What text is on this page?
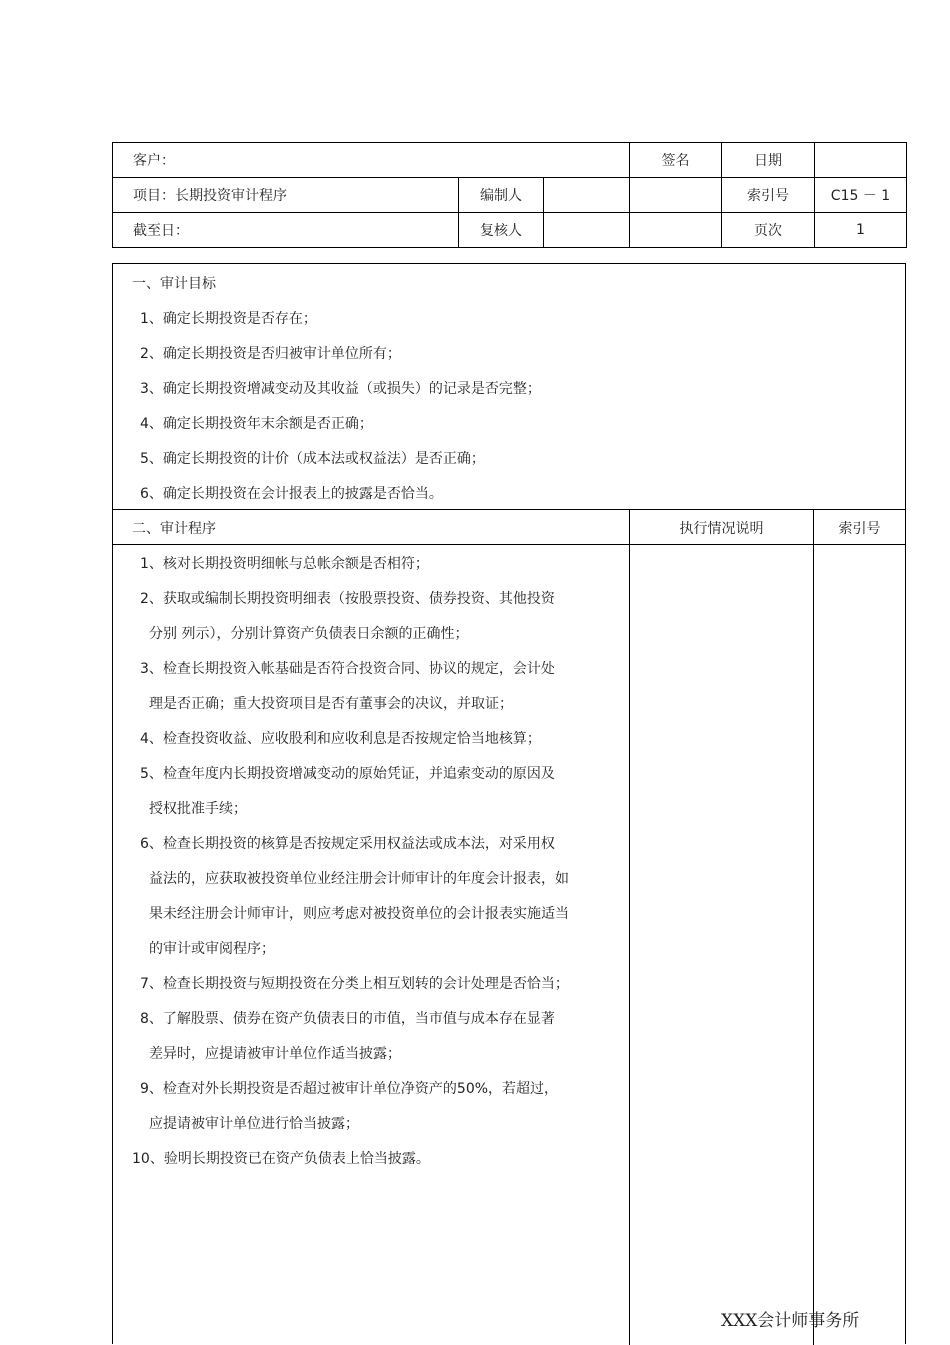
客户：			签名	日期	
项目：长期投资审计程序	编制人			索引号	C15 － 1
截至日：	复核人			页次	1
一、审计目标
1、确定长期投资是否存在；
2、确定长期投资是否归被审计单位所有；
3、确定长期投资增减变动及其收益（或损失）的记录是否完整；
4、确定长期投资年末余额是否正确；
5、确定长期投资的计价（成本法或权益法）是否正确；
6、确定长期投资在会计报表上的披露是否恰当。
二、审计程序	执行情况说明	索引号
1、核对长期投资明细帐与总帐余额是否相符；
2、获取或编制长期投资明细表（按股票投资、债券投资、其他投资
分别 列示），分别计算资产负债表日余额的正确性；
3、检查长期投资入帐基础是否符合投资合同、协议的规定，会计处
理是否正确；重大投资项目是否有董事会的决议，并取证；
4、检查投资收益、应收股利和应收利息是否按规定恰当地核算；
5、检查年度内长期投资增减变动的原始凭证，并追索变动的原因及
授权批准手续；
6、检查长期投资的核算是否按规定采用权益法或成本法，对采用权
益法的，应获取被投资单位业经注册会计师审计的年度会计报表，如
果未经注册会计师审计，则应考虑对被投资单位的会计报表实施适当
的审计或审阅程序；
7、检查长期投资与短期投资在分类上相互划转的会计处理是否恰当；
8、了解股票、债券在资产负债表日的市值，当市值与成本存在显著
差异时，应提请被审计单位作适当披露；
9、检查对外长期投资是否超过被审计单位净资产的50%，若超过，
应提请被审计单位进行恰当披露；
10、验明长期投资已在资产负债表上恰当披露。
XXX会计师事务所
